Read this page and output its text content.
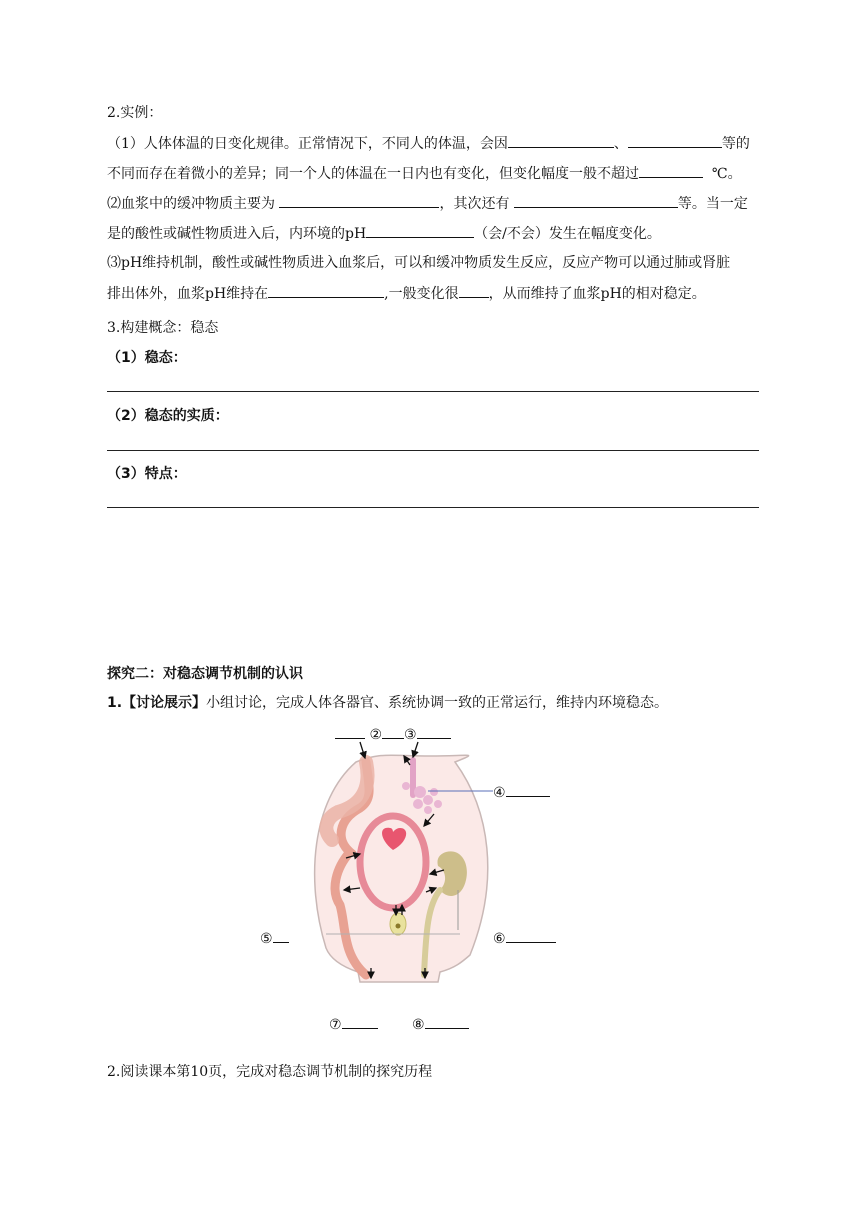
2.实例：
（1）人体体温的日变化规律。正常情况下，不同人的体温，会因	、	等的
不同而存在着微小的差异；同一个人的体温在一日内也有变化，但变化幅度一般不超过	℃。
⑵血浆中的缓冲物质主要为	，其次还有	等。当一定
是的酸性或碱性物质进入后，内环境的pH	（会/不会）发生在幅度变化。
⑶pH维持机制，酸性或碱性物质进入血浆后，可以和缓冲物质发生反应，反应产物可以通过肺或肾脏
排出体外，血浆pH维持在	,一般变化很 ，从而维持了血浆pH的相对稳定。
3.构建概念：稳态
（1）稳态：
（2）稳态的实质：
（3）特点：
探究二：对稳态调节机制的认识
1.【讨论展示】小组讨论，完成人体各器官、系统协调一致的正常运行，维持内环境稳态。
② ③
④
⑤	⑥
⑦	⑧
2.阅读课本第10页，完成对稳态调节机制的探究历程
